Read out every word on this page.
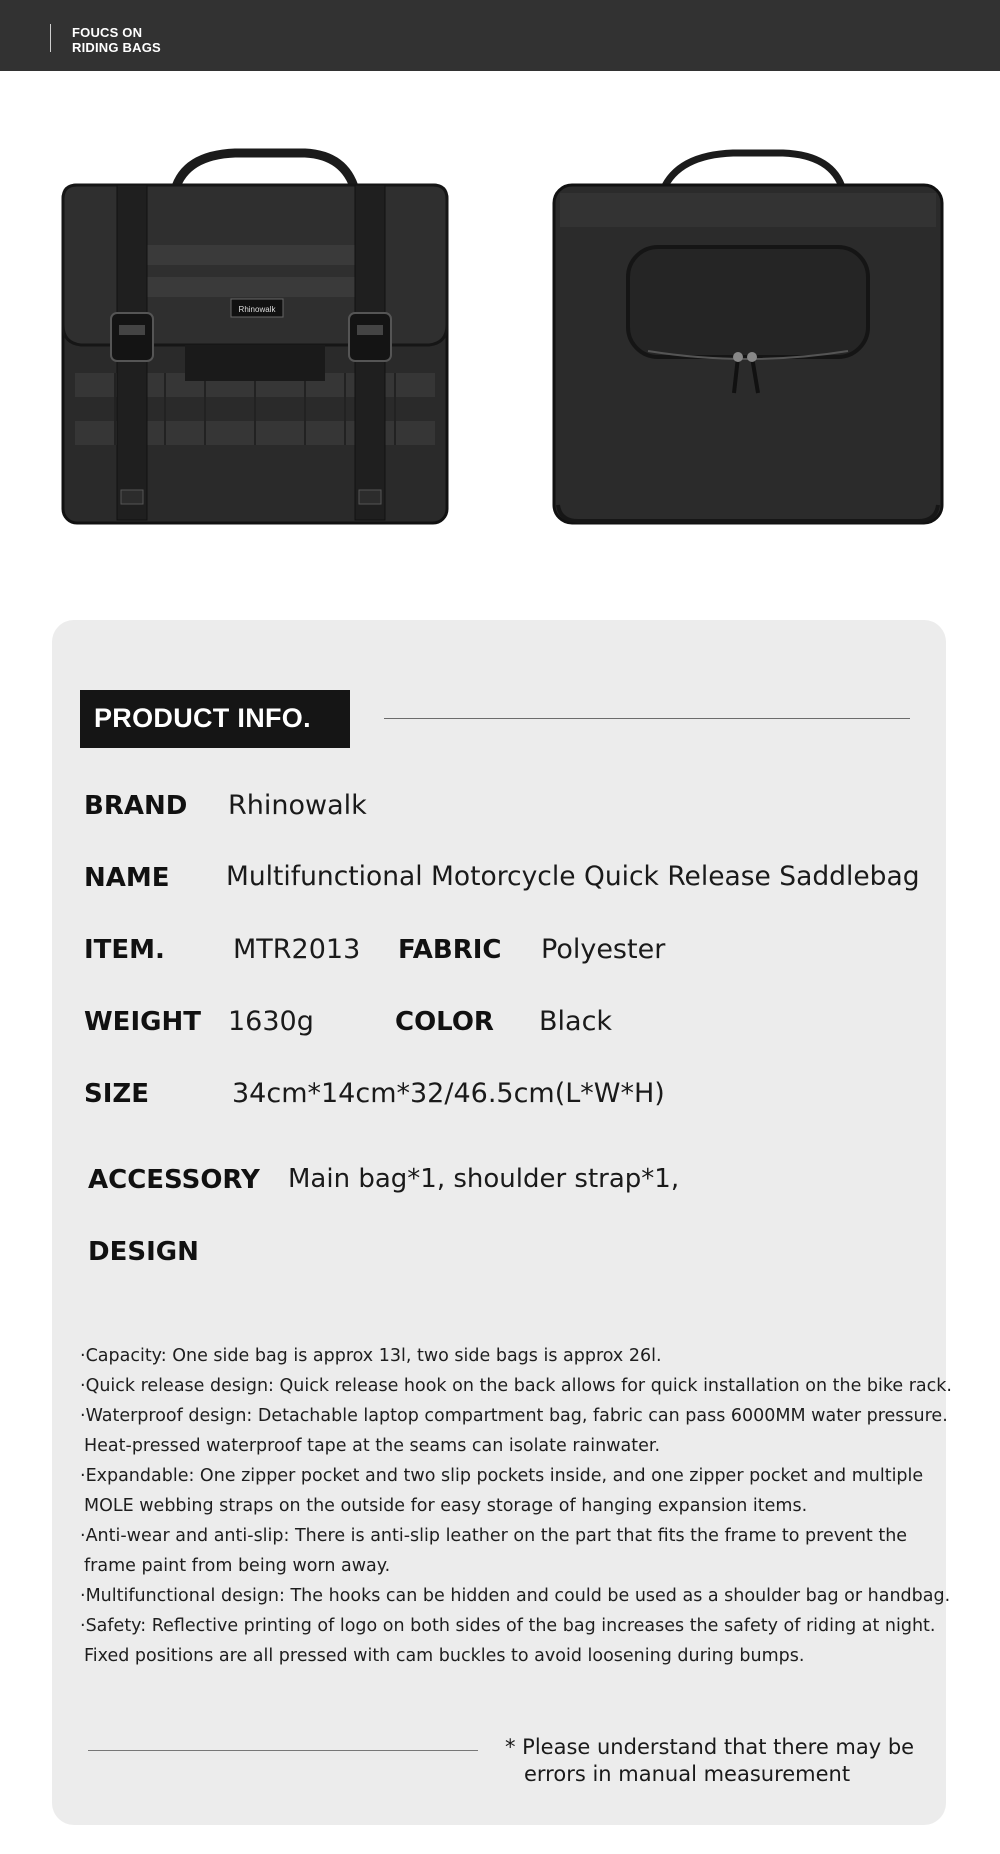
FOUCS ON
RIDING BAGS
Rhinowalk
PRODUCT INFO.
BRAND Rhinowalk
NAME Multifunctional Motorcycle Quick Release Saddlebag
ITEM.	MTR2013 FABRIC Polyester
WEIGHT 1630g	COLOR Black
SIZE	34cm*14cm*32/46.5cm(L*W*H)
ACCESSORY Main bag*1, shoulder strap*1,
DESIGN
·Capacity: One side bag is approx 13l, two side bags is approx 26l.
·Quick release design: Quick release hook on the back allows for quick installation on the bike rack.
·Waterproof design: Detachable laptop compartment bag, fabric can pass 6000MM water pressure.
Heat-pressed waterproof tape at the seams can isolate rainwater.
·Expandable: One zipper pocket and two slip pockets inside, and one zipper pocket and multiple
MOLE webbing straps on the outside for easy storage of hanging expansion items.
·Anti-wear and anti-slip: There is anti-slip leather on the part that fits the frame to prevent the
frame paint from being worn away.
·Multifunctional design: The hooks can be hidden and could be used as a shoulder bag or handbag.
·Safety: Reflective printing of logo on both sides of the bag increases the safety of riding at night.
Fixed positions are all pressed with cam buckles to avoid loosening during bumps.
* Please understand that there may be
errors in manual measurement
